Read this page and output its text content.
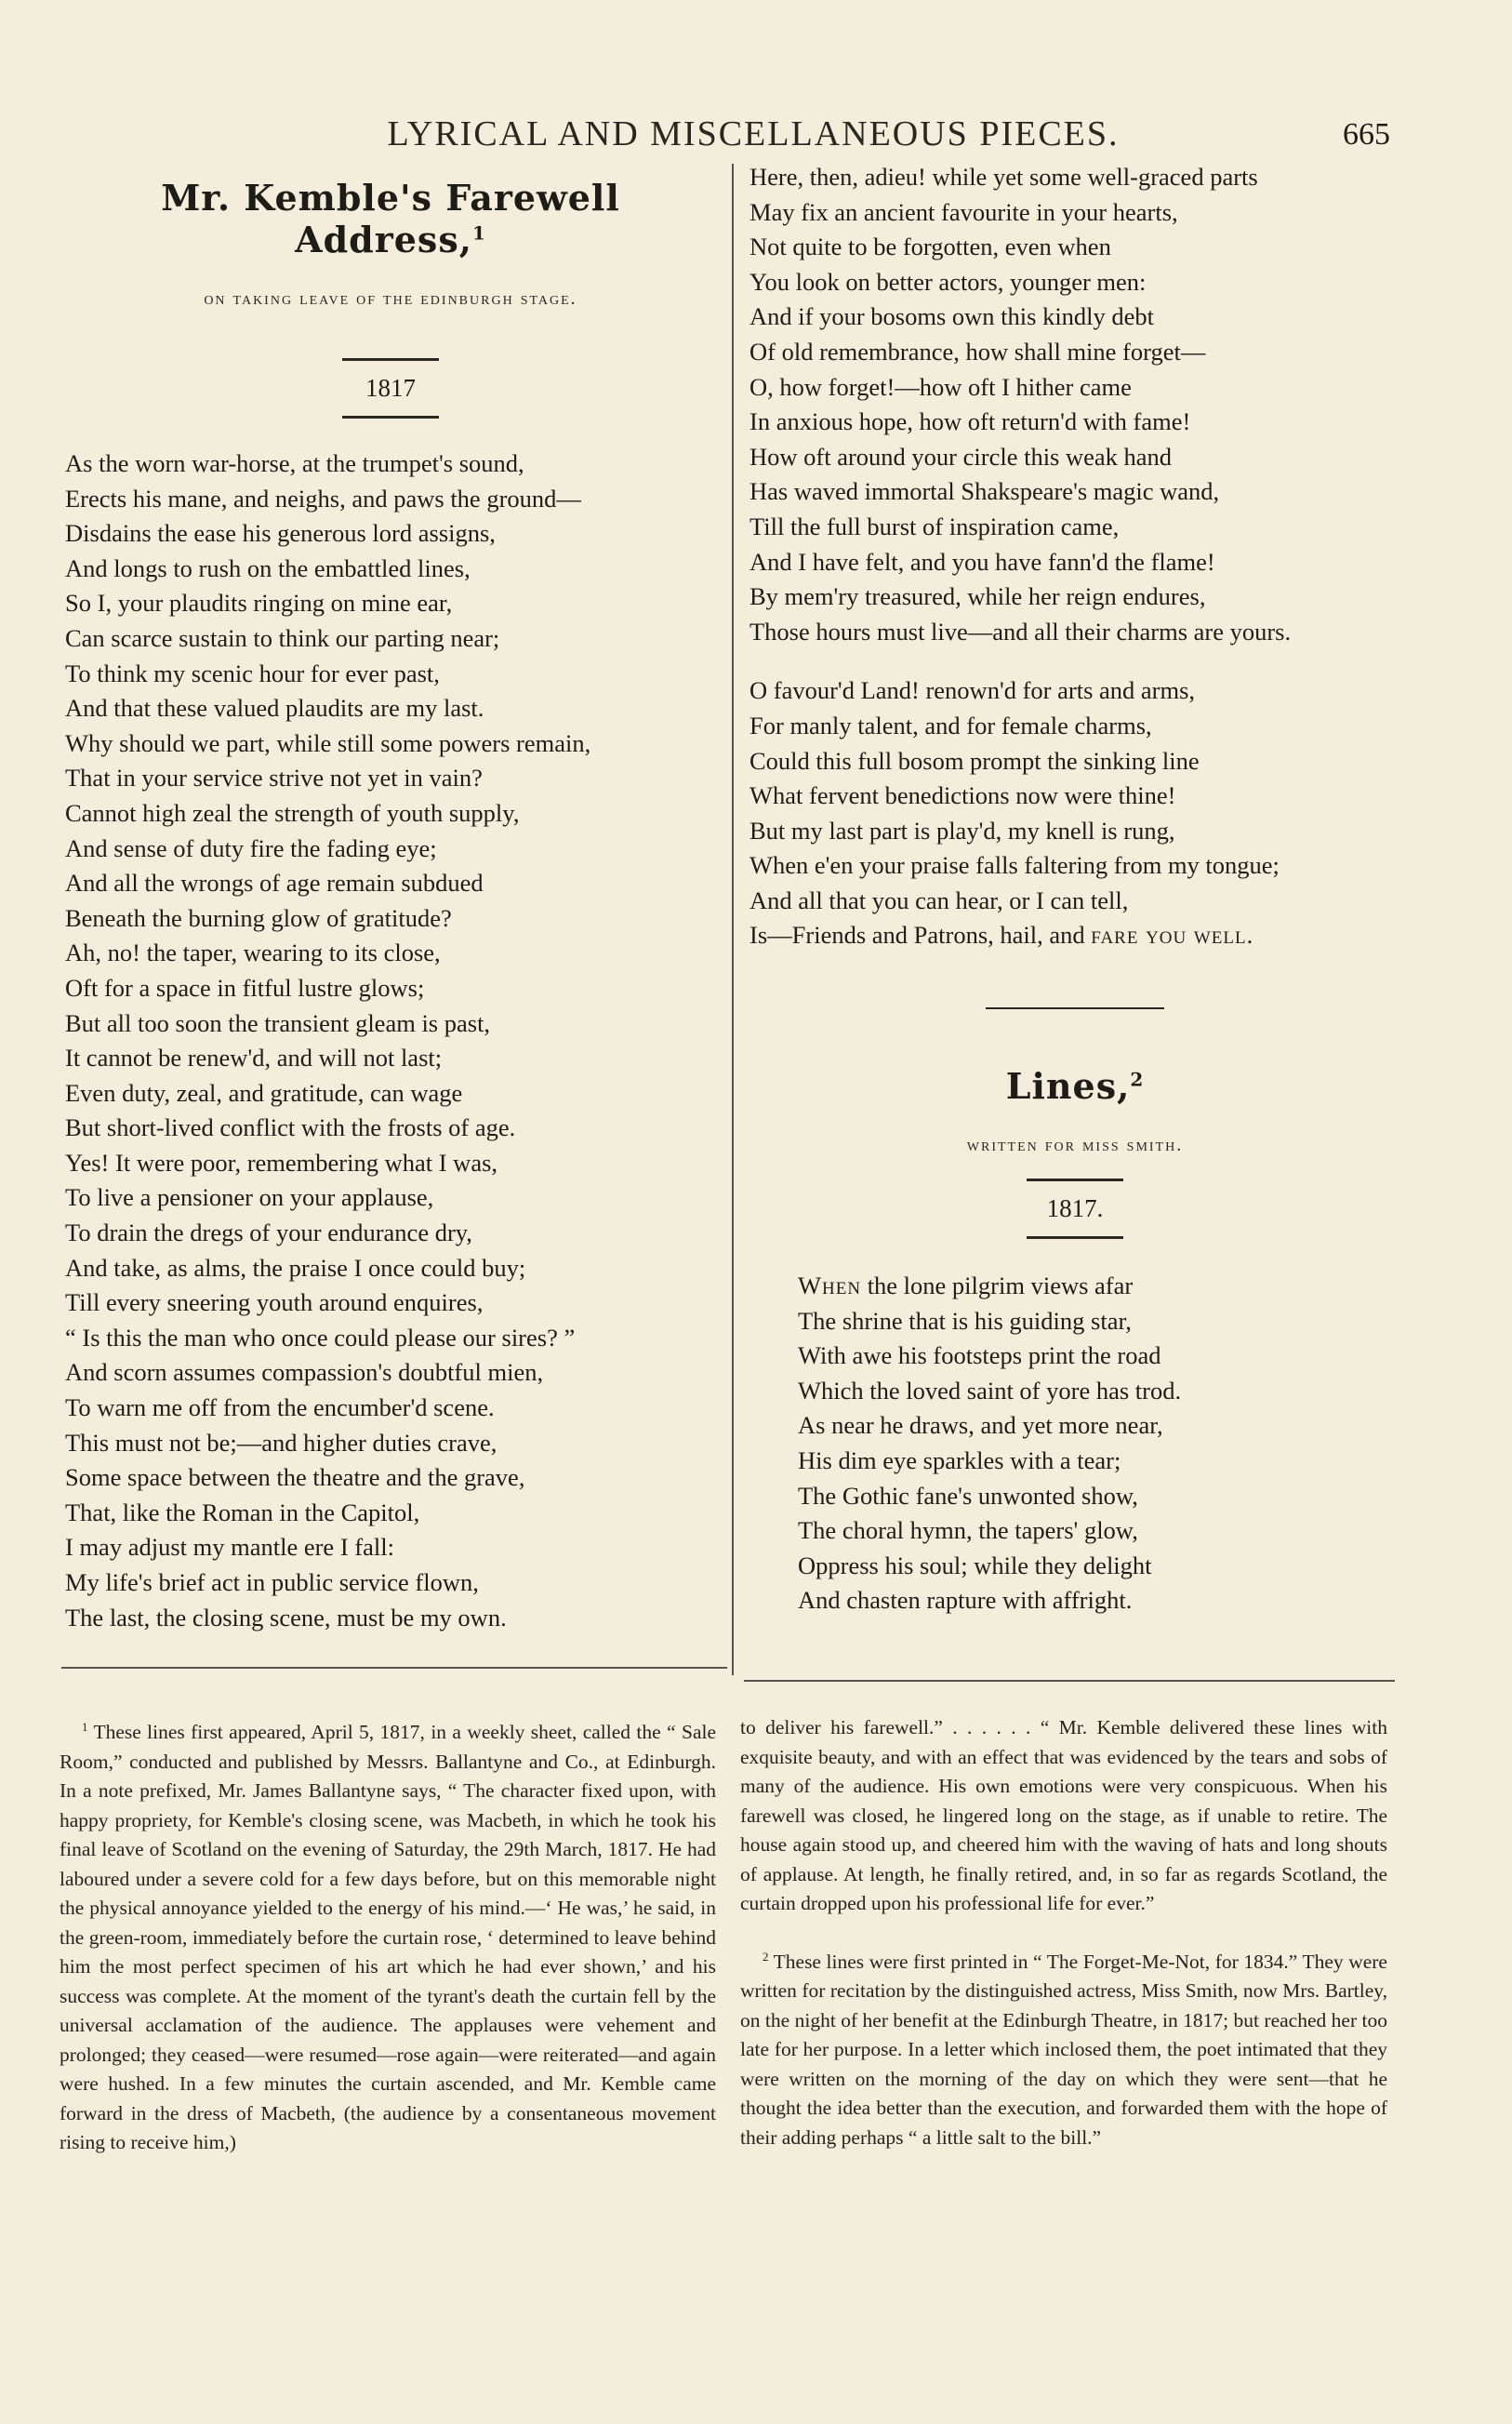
LYRICAL AND MISCELLANEOUS PIECES.	665
Mr. Kemble's Farewell Address,$^1$
on taking leave of the edinburgh stage.
1817
As the worn war-horse, at the trumpet's sound,
Erects his mane, and neighs, and paws the ground—
Disdains the ease his generous lord assigns,
And longs to rush on the embattled lines,
So I, your plaudits ringing on mine ear,
Can scarce sustain to think our parting near;
To think my scenic hour for ever past,
And that these valued plaudits are my last.
Why should we part, while still some powers remain,
That in your service strive not yet in vain?
Cannot high zeal the strength of youth supply,
And sense of duty fire the fading eye;
And all the wrongs of age remain subdued
Beneath the burning glow of gratitude?
Ah, no! the taper, wearing to its close,
Oft for a space in fitful lustre glows;
But all too soon the transient gleam is past,
It cannot be renew'd, and will not last;
Even duty, zeal, and gratitude, can wage
But short-lived conflict with the frosts of age.
Yes! It were poor, remembering what I was,
To live a pensioner on your applause,
To drain the dregs of your endurance dry,
And take, as alms, the praise I once could buy;
Till every sneering youth around enquires,
“ Is this the man who once could please our sires? ”
And scorn assumes compassion's doubtful mien,
To warn me off from the encumber'd scene.
This must not be;—and higher duties crave,
Some space between the theatre and the grave,
That, like the Roman in the Capitol,
I may adjust my mantle ere I fall:
My life's brief act in public service flown,
The last, the closing scene, must be my own.
Here, then, adieu! while yet some well-graced parts
May fix an ancient favourite in your hearts,
Not quite to be forgotten, even when
You look on better actors, younger men:
And if your bosoms own this kindly debt
Of old remembrance, how shall mine forget—
O, how forget!—how oft I hither came
In anxious hope, how oft return'd with fame!
How oft around your circle this weak hand
Has waved immortal Shakspeare's magic wand,
Till the full burst of inspiration came,
And I have felt, and you have fann'd the flame!
By mem'ry treasured, while her reign endures,
Those hours must live—and all their charms are yours.
O favour'd Land! renown'd for arts and arms,
For manly talent, and for female charms,
Could this full bosom prompt the sinking line
What fervent benedictions now were thine!
But my last part is play'd, my knell is rung,
When e'en your praise falls faltering from my tongue;
And all that you can hear, or I can tell,
Is—Friends and Patrons, hail, and fare you well.
Lines,$^2$
written for miss smith.
1817.
When the lone pilgrim views afar
The shrine that is his guiding star,
With awe his footsteps print the road
Which the loved saint of yore has trod.
As near he draws, and yet more near,
His dim eye sparkles with a tear;
The Gothic fane's unwonted show,
The choral hymn, the tapers' glow,
Oppress his soul; while they delight
And chasten rapture with affright.

$^1$ These lines first appeared, April 5, 1817, in a weekly sheet, called the “ Sale Room,” conducted and published by Messrs. Ballantyne and Co., at Edinburgh. In a note prefixed, Mr. James Ballantyne says, “ The character fixed upon, with happy propriety, for Kemble's closing scene, was Macbeth, in which he took his final leave of Scotland on the evening of Saturday, the 29th March, 1817. He had laboured under a severe cold for a few days before, but on this memorable night the physical annoyance yielded to the energy of his mind.—‘ He was,’ he said, in the green-room, immediately before the curtain rose, ‘ determined to leave behind him the most perfect specimen of his art which he had ever shown,’ and his success was complete. At the moment of the tyrant's death the curtain fell by the universal acclamation of the audience. The applauses were vehement and prolonged; they ceased—were resumed—rose again—were reiterated—and again were hushed. In a few minutes the curtain ascended, and Mr. Kemble came forward in the dress of Macbeth, (the audience by a consentaneous movement rising to receive him,)

to deliver his farewell.” . . . . . . “ Mr. Kemble delivered these lines with exquisite beauty, and with an effect that was evidenced by the tears and sobs of many of the audience. His own emotions were very conspicuous. When his farewell was closed, he lingered long on the stage, as if unable to retire. The house again stood up, and cheered him with the waving of hats and long shouts of applause. At length, he finally retired, and, in so far as regards Scotland, the curtain dropped upon his professional life for ever.”

$^2$ These lines were first printed in “ The Forget-Me-Not, for 1834.” They were written for recitation by the distinguished actress, Miss Smith, now Mrs. Bartley, on the night of her benefit at the Edinburgh Theatre, in 1817; but reached her too late for her purpose. In a letter which inclosed them, the poet intimated that they were written on the morning of the day on which they were sent—that he thought the idea better than the execution, and forwarded them with the hope of their adding perhaps “ a little salt to the bill.”
